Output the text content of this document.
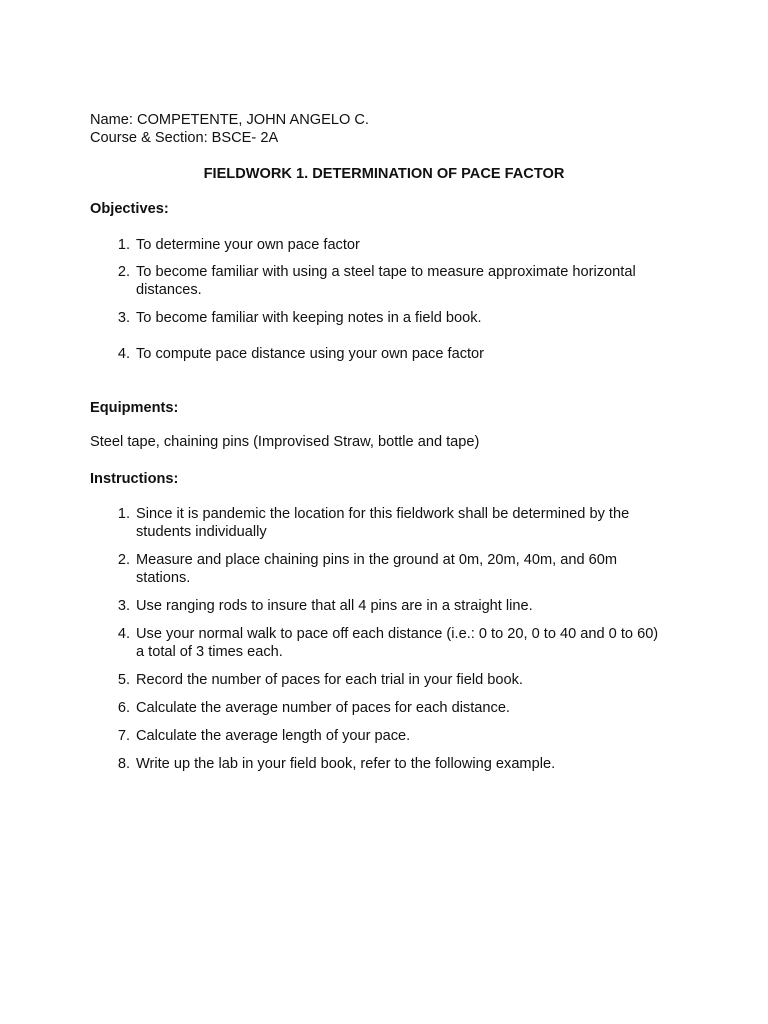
Name: COMPETENTE, JOHN ANGELO C.
Course & Section: BSCE- 2A
FIELDWORK 1. DETERMINATION OF PACE FACTOR
Objectives:
1. To determine your own pace factor
2. To become familiar with using a steel tape to measure approximate horizontal
distances.
3. To become familiar with keeping notes in a field book.
4. To compute pace distance using your own pace factor
Equipments:
Steel tape, chaining pins (Improvised Straw, bottle and tape)
Instructions:
1. Since it is pandemic the location for this fieldwork shall be determined by the
students individually
2. Measure and place chaining pins in the ground at 0m, 20m, 40m, and 60m
stations.
3. Use ranging rods to insure that all 4 pins are in a straight line.
4. Use your normal walk to pace off each distance (i.e.: 0 to 20, 0 to 40 and 0 to 60)
a total of 3 times each.
5. Record the number of paces for each trial in your field book.
6. Calculate the average number of paces for each distance.
7. Calculate the average length of your pace.
8. Write up the lab in your field book, refer to the following example.
